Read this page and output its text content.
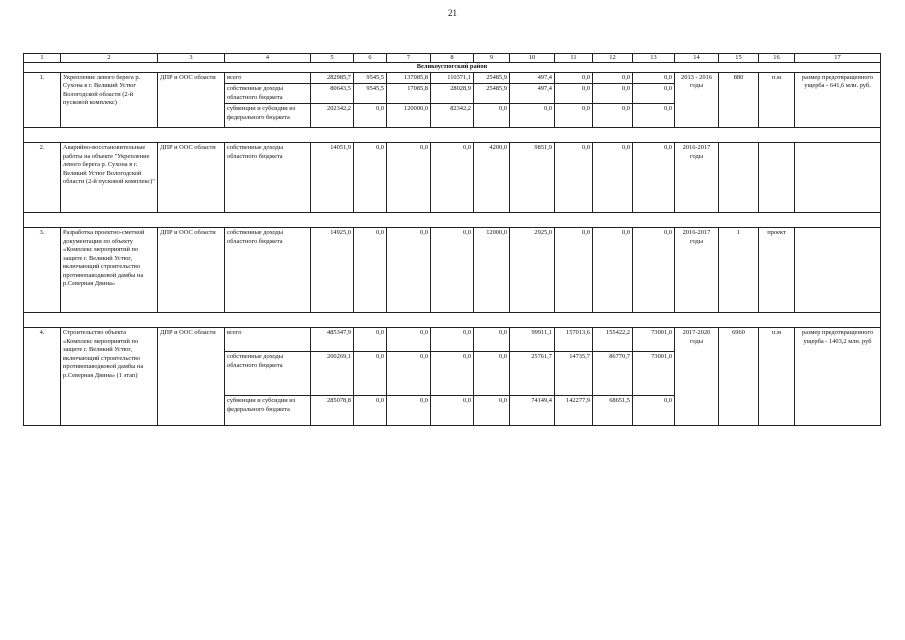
21
1	2	3	4	5	6	7	8	9	10	11	12	13	14	15	16	17
Великоустюгский район																
1.	Укрепление левого берега р. Сухона в г. Великий Устюг Вологодской области (2-й пусковой комплекс)	ДПР и ООС области	всего	282985,7	9545,5	137085,8	110371,1	25485,9	497,4	0,0	0,0	0,0	2013 - 2016 годы	880	п.м	размер предотвращенного ущерба - 641,6 млн. руб.
			собственные доходы областного бюджета	80643,5	9545,5	17085,8	28028,9	25485,9	497,4	0,0	0,0	0,0				
			субвенции и субсидии из федерального бюджета	202342,2	0,0	120000,0	82342,2	0,0	0,0	0,0	0,0	0,0				

2.	Аварийно-восстановительные работы на объекте "Укрепление левого берега р. Сухона в г. Великий Устюг Вологодской области (2-й пусковой комплекс)"	ДПР и ООС области	собственные доходы областного бюджета	14051,9	0,0	0,0	0,0	4200,0	9851,9	0,0	0,0	0,0	2016-2017 годы			

3.	Разработка проектно-сметной документации по объекту «Комплекс мероприятий по защите г. Великий Устюг, включающий строительство противопаводковой дамбы на р.Северная Двина»	ДПР и ООС области	собственные доходы областного бюджета	14925,0	0,0	0,0	0,0	12000,0	2925,0	0,0	0,0	0,0	2016-2017 годы	1	проект	

4.	Строительство объекта «Комплекс мероприятий по защите г. Великий Устюг, включающий строительство противопаводковой дамбы на р.Северная Двина» (1 этап)	ДПР и ООС области	всего	485347,9	0,0	0,0	0,0	0,0	99911,1	157013,6	155422,2	73001,0	2017-2020 годы	6960	п.м	размер предотвращенного ущерба - 1403,2 млн. руб
			собственные доходы областного бюджета	200269,1	0,0	0,0	0,0	0,0	25761,7	14735,7	86770,7	73001,0				
			субвенции и субсидии из федерального бюджета	285078,8	0,0	0,0	0,0	0,0	74149,4	142277,9	68651,5	0,0				
